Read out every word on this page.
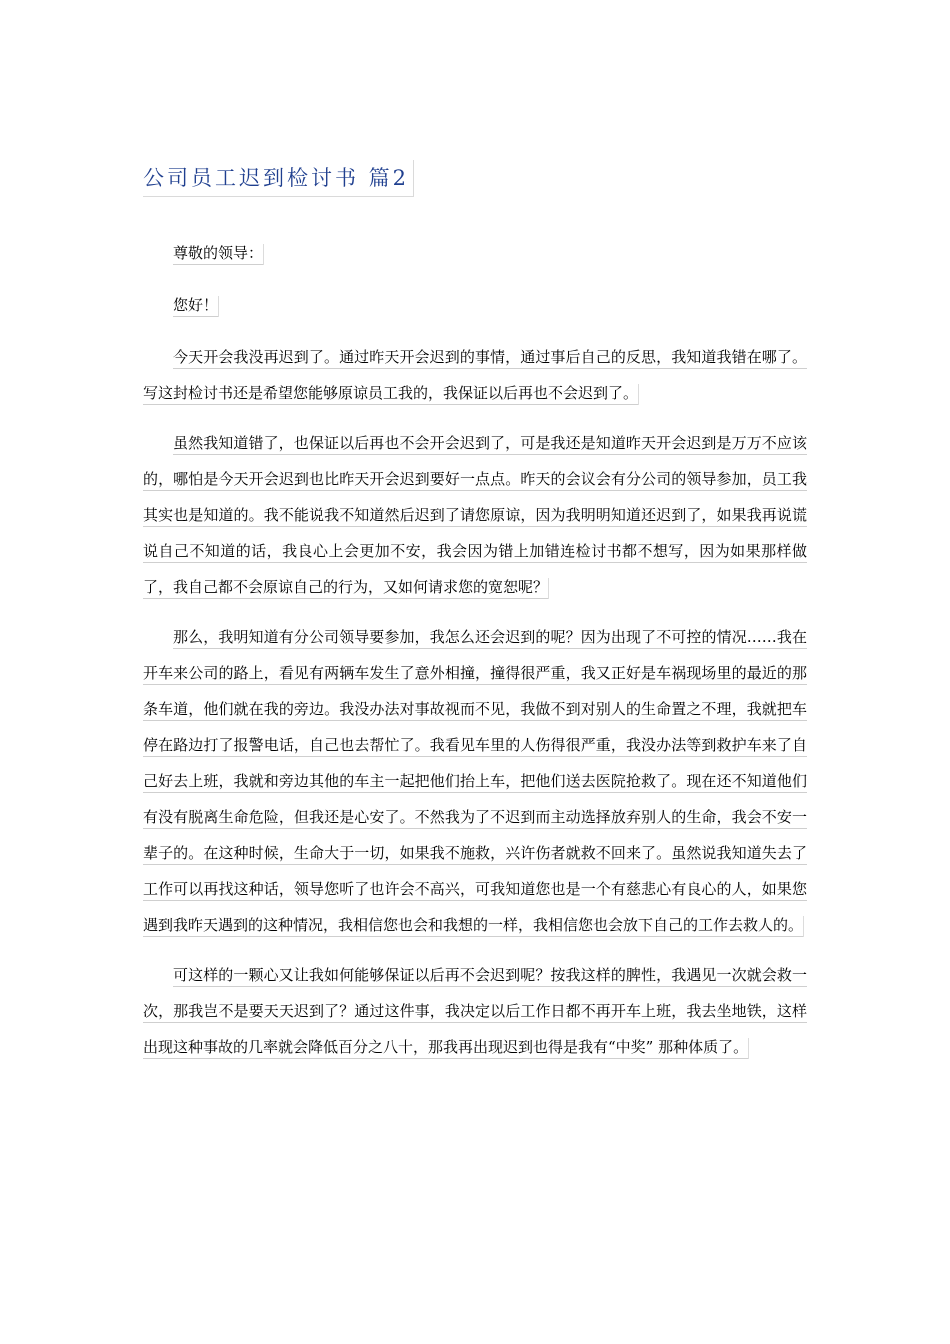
公司员工迟到检讨书 篇2

尊敬的领导：

您好！

今天开会我没再迟到了。通过昨天开会迟到的事情，通过事后自己的反思，我知道我错在哪了。写这封检讨书还是希望您能够原谅员工我的，我保证以后再也不会迟到了。

虽然我知道错了，也保证以后再也不会开会迟到了，可是我还是知道昨天开会迟到是万万不应该的，哪怕是今天开会迟到也比昨天开会迟到要好一点点。昨天的会议会有分公司的领导参加，员工我其实也是知道的。我不能说我不知道然后迟到了请您原谅，因为我明明知道还迟到了，如果我再说谎说自己不知道的话，我良心上会更加不安，我会因为错上加错连检讨书都不想写，因为如果那样做了，我自己都不会原谅自己的行为，又如何请求您的宽恕呢？

那么，我明知道有分公司领导要参加，我怎么还会迟到的呢？因为出现了不可控的情况……我在开车来公司的路上，看见有两辆车发生了意外相撞，撞得很严重，我又正好是车祸现场里的最近的那条车道，他们就在我的旁边。我没办法对事故视而不见，我做不到对别人的生命置之不理，我就把车停在路边打了报警电话，自己也去帮忙了。我看见车里的人伤得很严重，我没办法等到救护车来了自己好去上班，我就和旁边其他的车主一起把他们抬上车，把他们送去医院抢救了。现在还不知道他们有没有脱离生命危险，但我还是心安了。不然我为了不迟到而主动选择放弃别人的生命，我会不安一辈子的。在这种时候，生命大于一切，如果我不施救，兴许伤者就救不回来了。虽然说我知道失去了工作可以再找这种话，领导您听了也许会不高兴，可我知道您也是一个有慈悲心有良心的人，如果您遇到我昨天遇到的这种情况，我相信您也会和我想的一样，我相信您也会放下自己的工作去救人的。

可这样的一颗心又让我如何能够保证以后再不会迟到呢？按我这样的脾性，我遇见一次就会救一次，那我岂不是要天天迟到了？通过这件事，我决定以后工作日都不再开车上班，我去坐地铁，这样出现这种事故的几率就会降低百分之八十，那我再出现迟到也得是我有“中奖” 那种体质了。
